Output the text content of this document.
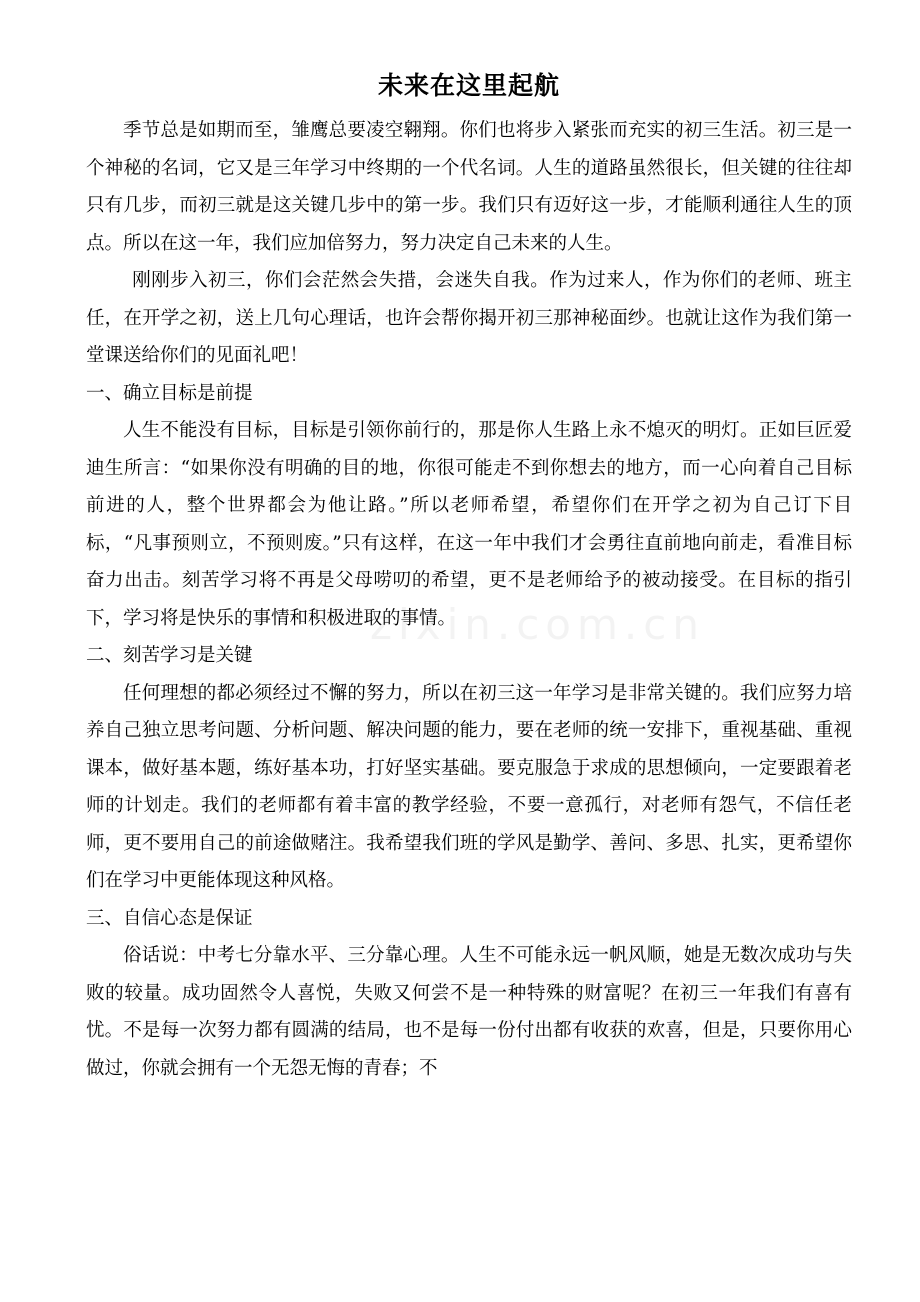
zixin.com.cn
未来在这里起航

季节总是如期而至，雏鹰总要凌空翱翔。你们也将步入紧张而充实的初三生活。初三是一个神秘的名词，它又是三年学习中终期的一个代名词。人生的道路虽然很长，但关键的往往却只有几步，而初三就是这关键几步中的第一步。我们只有迈好这一步，才能顺利通往人生的顶点。所以在这一年，我们应加倍努力，努力决定自己未来的人生。

刚刚步入初三，你们会茫然会失措，会迷失自我。作为过来人，作为你们的老师、班主任，在开学之初，送上几句心理话，也许会帮你揭开初三那神秘面纱。也就让这作为我们第一堂课送给你们的见面礼吧！

一、确立目标是前提

人生不能没有目标，目标是引领你前行的，那是你人生路上永不熄灭的明灯。正如巨匠爱迪生所言：“如果你没有明确的目的地，你很可能走不到你想去的地方，而一心向着自己目标前进的人，整个世界都会为他让路。”所以老师希望，希望你们在开学之初为自己订下目标，“凡事预则立，不预则废。”只有这样，在这一年中我们才会勇往直前地向前走，看准目标奋力出击。刻苦学习将不再是父母唠叨的希望，更不是老师给予的被动接受。在目标的指引下，学习将是快乐的事情和积极进取的事情。

二、刻苦学习是关键

任何理想的都必须经过不懈的努力，所以在初三这一年学习是非常关键的。我们应努力培养自己独立思考问题、分析问题、解决问题的能力，要在老师的统一安排下，重视基础、重视课本，做好基本题，练好基本功，打好坚实基础。要克服急于求成的思想倾向，一定要跟着老师的计划走。我们的老师都有着丰富的教学经验，不要一意孤行，对老师有怨气，不信任老师，更不要用自己的前途做赌注。我希望我们班的学风是勤学、善问、多思、扎实，更希望你们在学习中更能体现这种风格。

三、自信心态是保证

俗话说：中考七分靠水平、三分靠心理。人生不可能永远一帆风顺，她是无数次成功与失败的较量。成功固然令人喜悦，失败又何尝不是一种特殊的财富呢？在初三一年我们有喜有忧。不是每一次努力都有圆满的结局，也不是每一份付出都有收获的欢喜，但是，只要你用心做过，你就会拥有一个无怨无悔的青春；不
